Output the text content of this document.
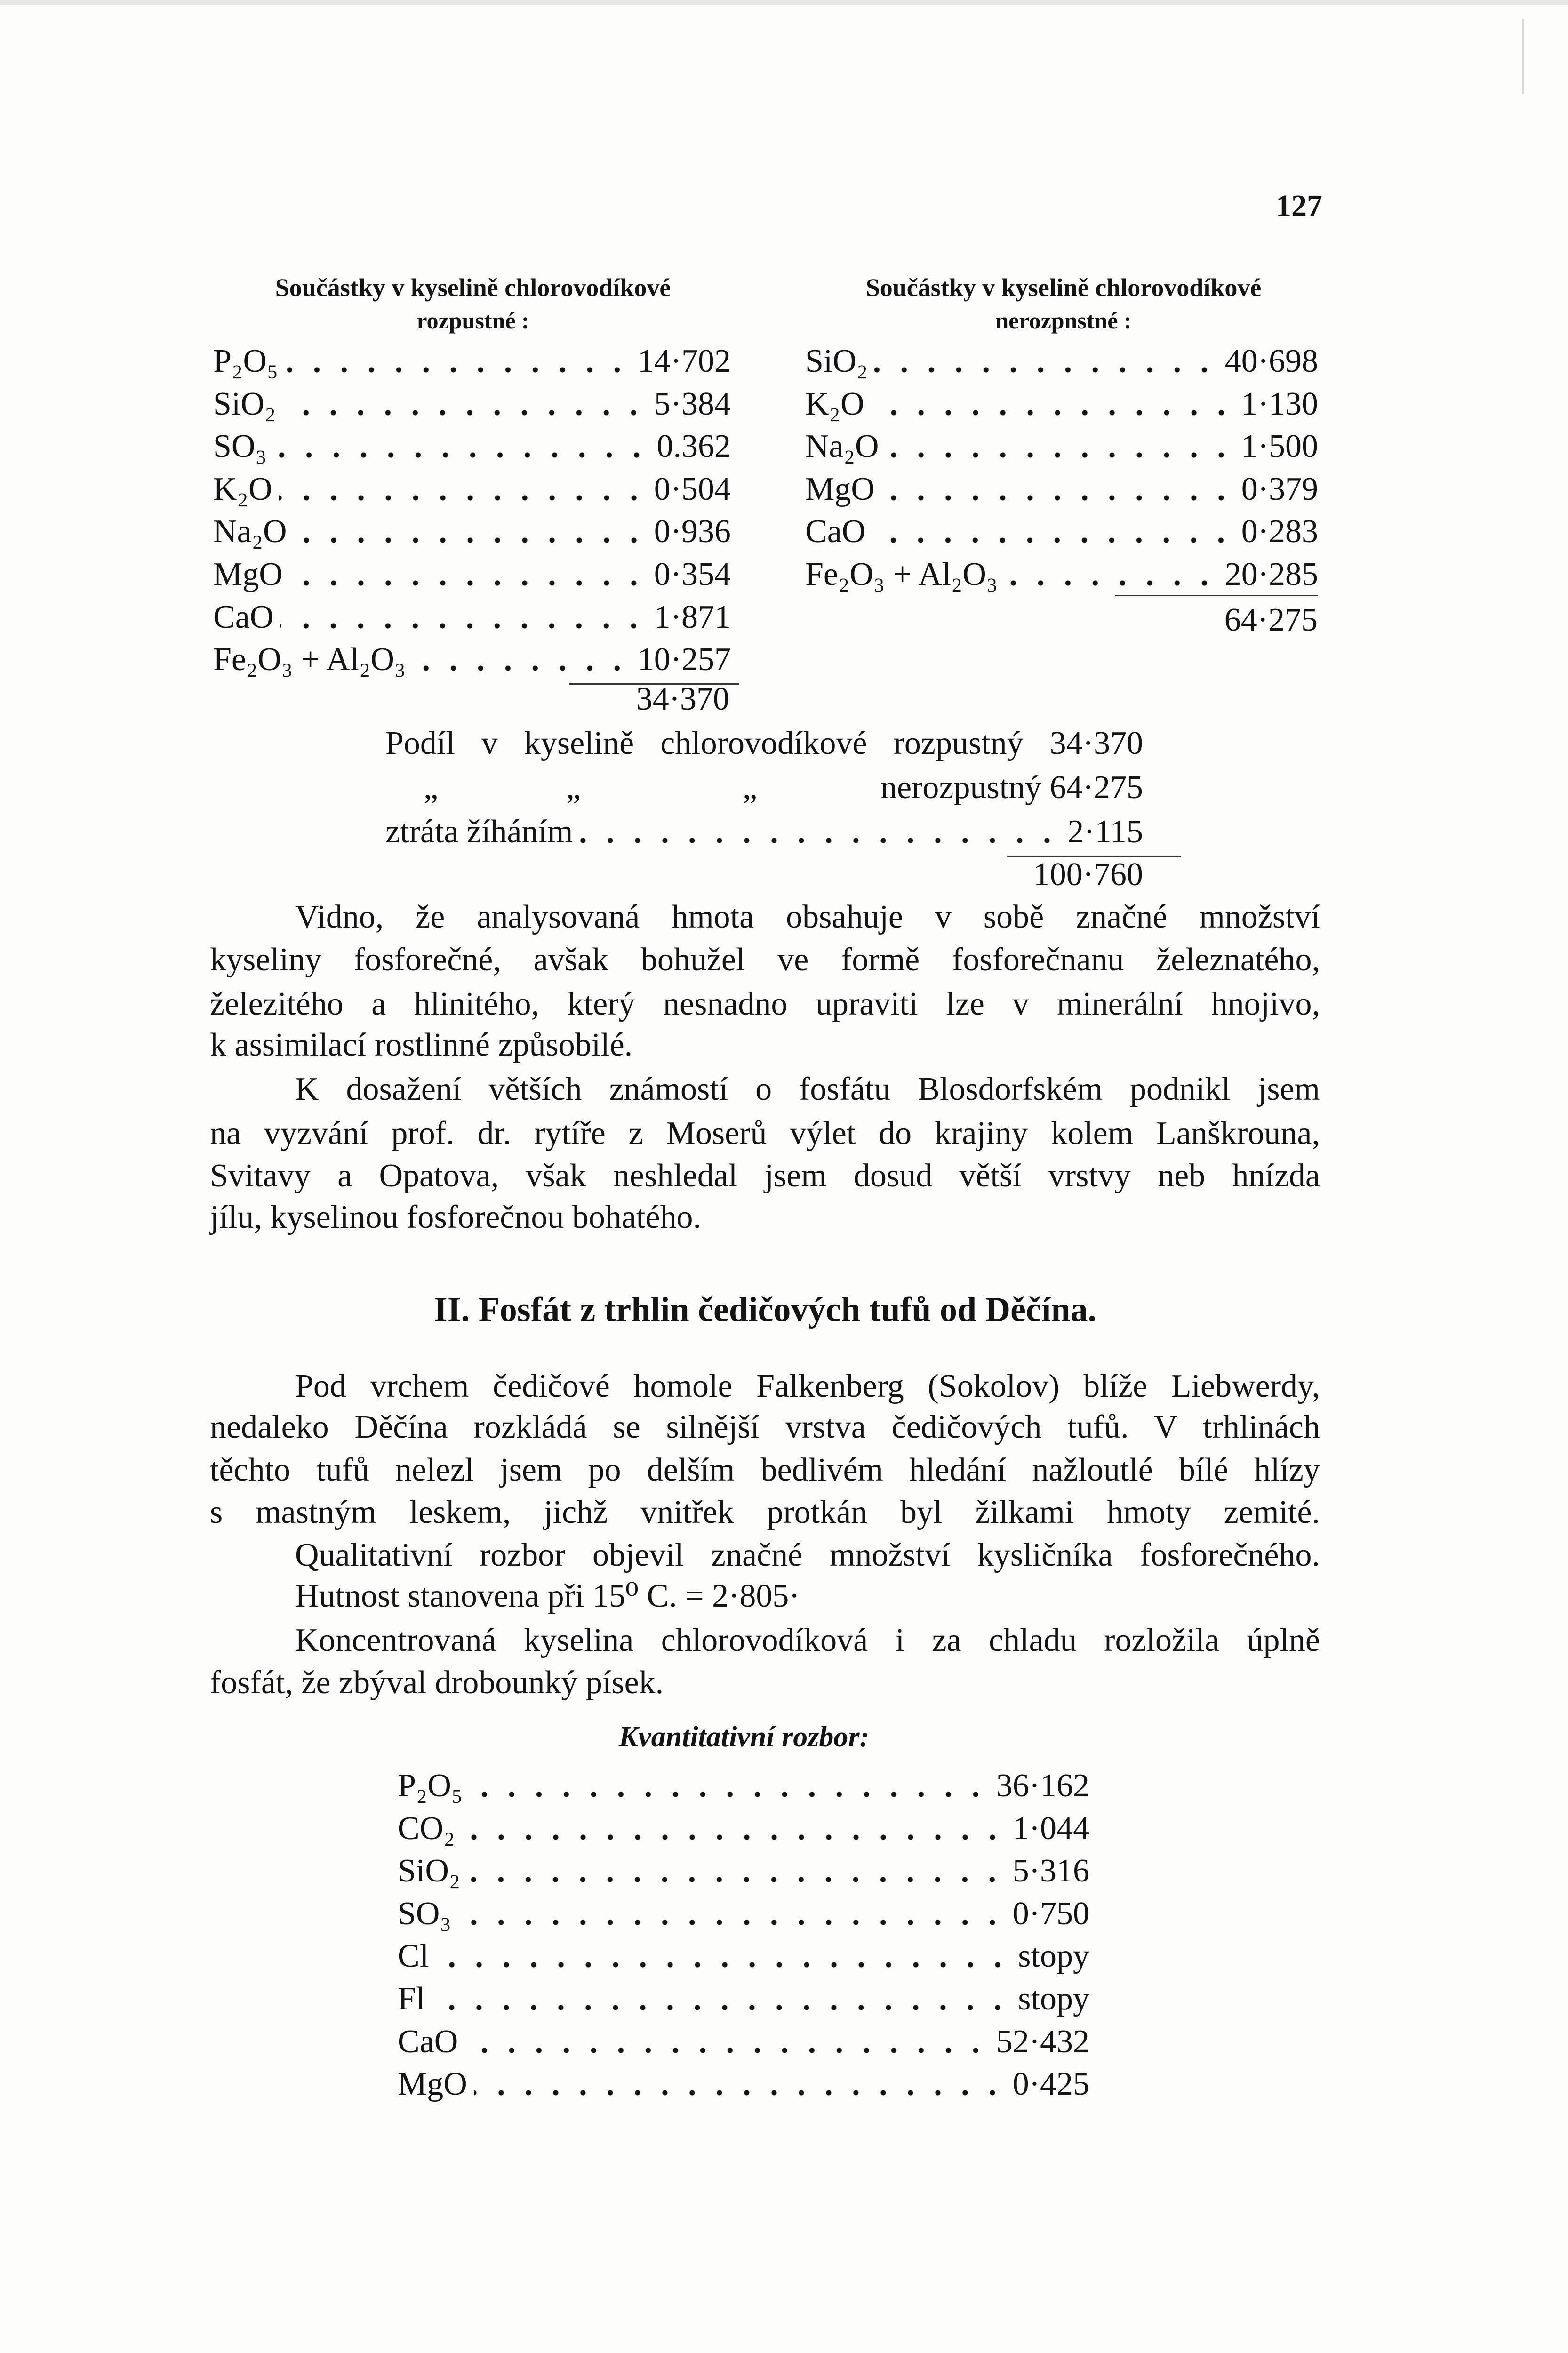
127
Součástky v kyselině chlorovodíkové
rozpustné :
P₂O₅	14·702
SiO₂	5·384
SO₃	0.362
K₂O	0·504
Na₂O	0·936
MgO	0·354
CaO	1·871
Fe₂O₃ + Al₂O₃	10·257
34·370
Součástky v kyselině chlorovodíkové
nerozpnstné :
SiO₂	40·698
K₂O	1·130
Na₂O	1·500
MgO	0·379
CaO	0·283
Fe₂O₃ + Al₂O₃	20·285
64·275
Podíl v kyselině chlorovodíkové rozpustný 34·370
„	„	„	nerozpustný 64·275
ztráta žíháním	2·115
100·760
Vidno, že analysovaná hmota obsahuje v sobě značné množství
kyseliny fosforečné, avšak bohužel ve formě fosforečnanu železnatého,
železitého a hlinitého, který nesnadno upraviti lze v minerální hnojivo,
k assimilací rostlinné způsobilé.
K dosažení větších známostí o fosfátu Blosdorfském podnikl jsem
na vyzvání prof. dr. rytíře z Moserů výlet do krajiny kolem Lanškrouna,
Svitavy a Opatova, však neshledal jsem dosud větší vrstvy neb hnízda
jílu, kyselinou fosforečnou bohatého.
Pod vrchem čedičové homole Falkenberg (Sokolov) blíže Liebwerdy,
nedaleko Děčína rozkládá se silnější vrstva čedičových tufů. V trhlinách
těchto tufů nelezl jsem po delším bedlivém hledání nažloutlé bílé hlízy
s mastným leskem, jichž vnitřek protkán byl žilkami hmoty zemité.
Qualitativní rozbor objevil značné množství kysličníka fosforečného.
Hutnost stanovena při 15⁰ C. = 2·805·
Koncentrovaná kyselina chlorovodíková i za chladu rozložila úplně
fosfát, že zbýval drobounký písek.
II. Fosfát z trhlin čedičových tufů od Děčína.
Kvantitativní rozbor:
P₂O₅	36·162
CO₂	1·044
SiO₂	5·316
SO₃	0·750
Cl	stopy
Fl	stopy
CaO	52·432
MgO	0·425
